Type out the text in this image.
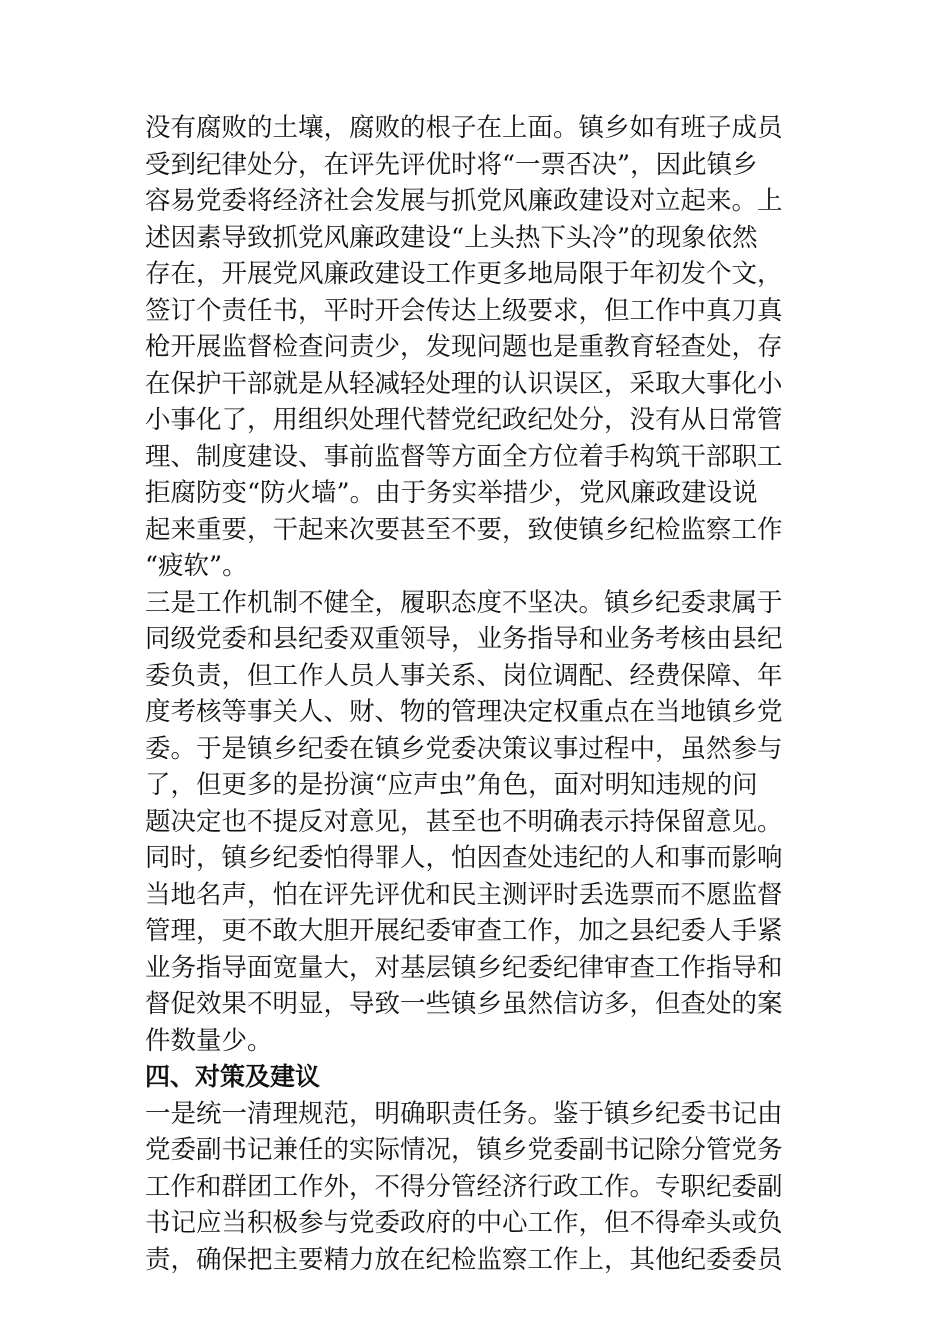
没有腐败的土壤，腐败的根子在上面。镇乡如有班子成员
受到纪律处分，在评先评优时将“一票否决”，因此镇乡
容易党委将经济社会发展与抓党风廉政建设对立起来。上
述因素导致抓党风廉政建设“上头热下头冷”的现象依然
存在，开展党风廉政建设工作更多地局限于年初发个文，
签订个责任书，平时开会传达上级要求，但工作中真刀真
枪开展监督检查问责少，发现问题也是重教育轻查处，存
在保护干部就是从轻减轻处理的认识误区，采取大事化小
小事化了，用组织处理代替党纪政纪处分，没有从日常管
理、制度建设、事前监督等方面全方位着手构筑干部职工
拒腐防变“防火墙”。由于务实举措少，党风廉政建设说
起来重要，干起来次要甚至不要，致使镇乡纪检监察工作
“疲软”。
三是工作机制不健全，履职态度不坚决。镇乡纪委隶属于
同级党委和县纪委双重领导，业务指导和业务考核由县纪
委负责，但工作人员人事关系、岗位调配、经费保障、年
度考核等事关人、财、物的管理决定权重点在当地镇乡党
委。于是镇乡纪委在镇乡党委决策议事过程中，虽然参与
了，但更多的是扮演“应声虫”角色，面对明知违规的问
题决定也不提反对意见，甚至也不明确表示持保留意见。
同时，镇乡纪委怕得罪人，怕因查处违纪的人和事而影响
当地名声，怕在评先评优和民主测评时丢选票而不愿监督
管理，更不敢大胆开展纪委审查工作，加之县纪委人手紧
业务指导面宽量大，对基层镇乡纪委纪律审查工作指导和
督促效果不明显，导致一些镇乡虽然信访多，但查处的案
件数量少。
四、对策及建议
一是统一清理规范，明确职责任务。鉴于镇乡纪委书记由
党委副书记兼任的实际情况，镇乡党委副书记除分管党务
工作和群团工作外，不得分管经济行政工作。专职纪委副
书记应当积极参与党委政府的中心工作，但不得牵头或负
责，确保把主要精力放在纪检监察工作上，其他纪委委员
